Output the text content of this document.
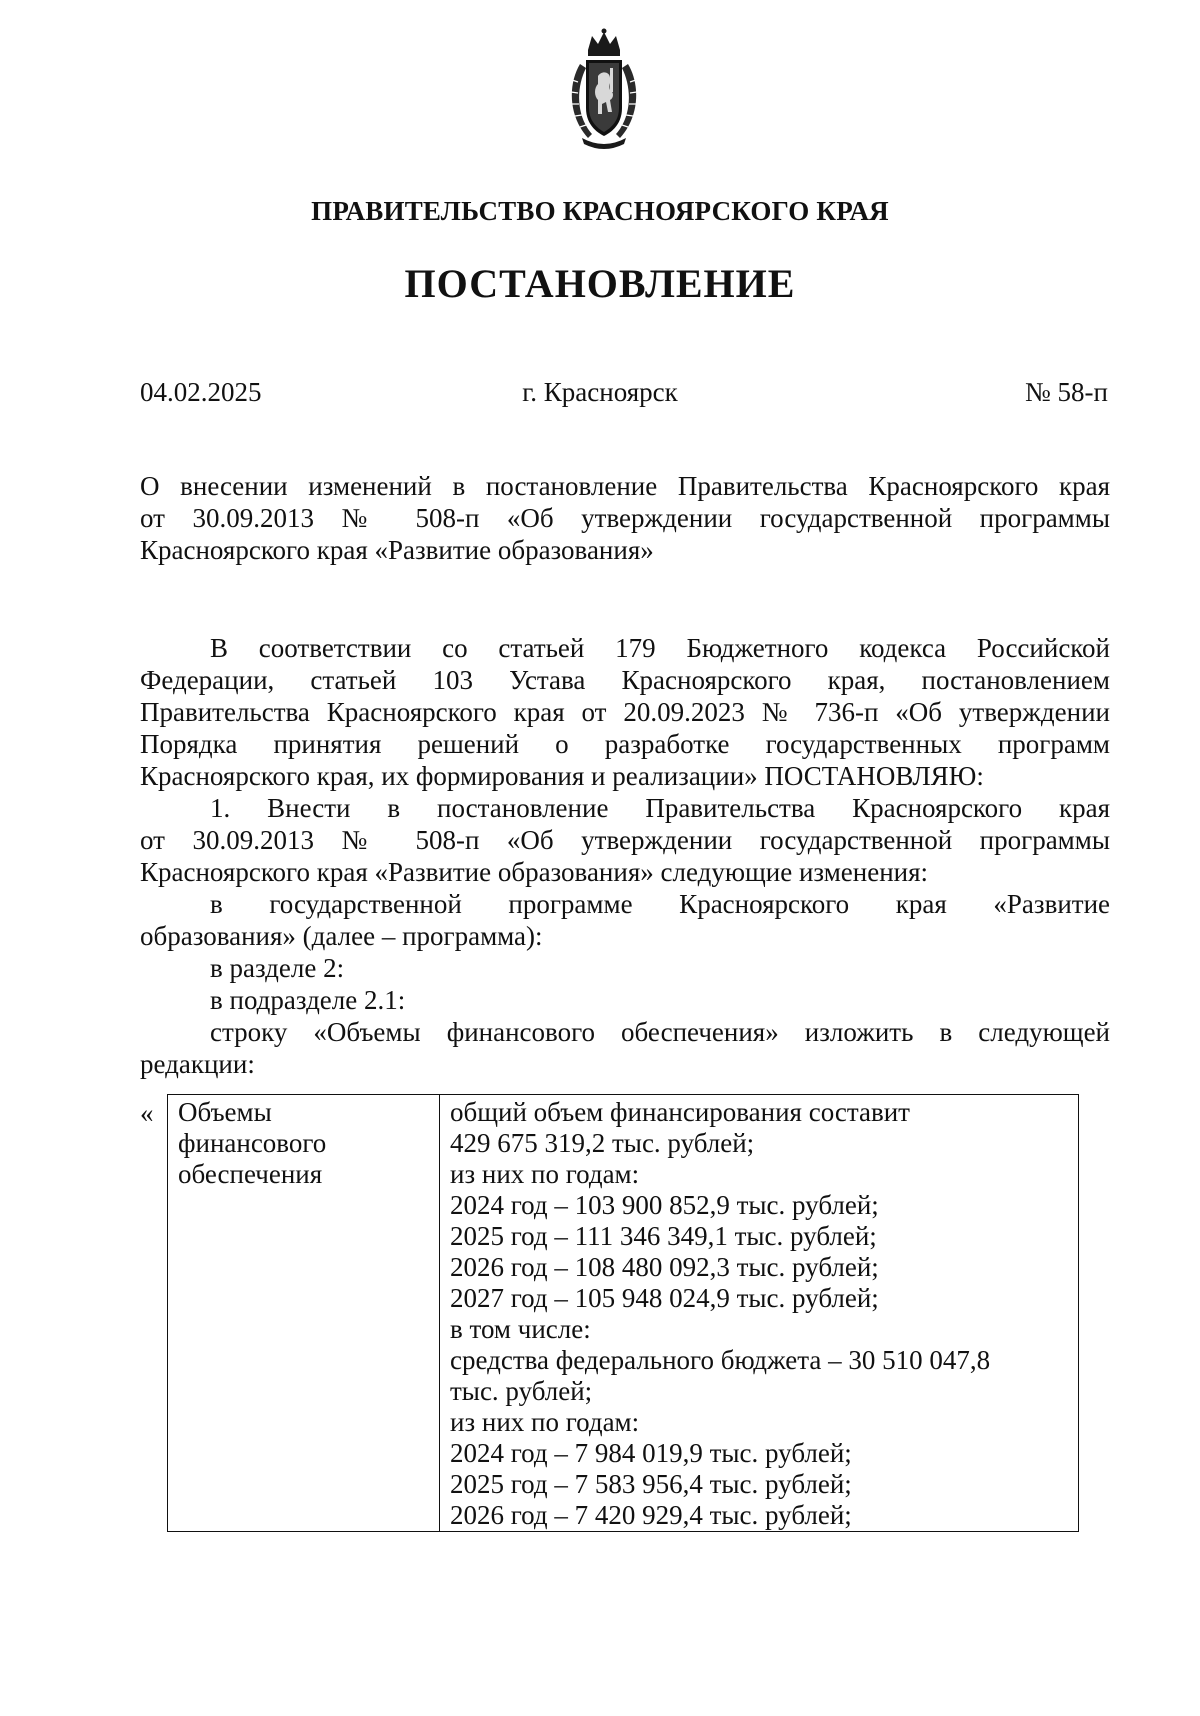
ПРАВИТЕЛЬСТВО КРАСНОЯРСКОГО КРАЯ
ПОСТАНОВЛЕНИЕ
04.02.2025	г. Красноярск	№ 58-п
О внесении изменений в постановление Правительства Красноярского края
от 30.09.2013 № 508-п «Об утверждении государственной программы
Красноярского края «Развитие образования»
В соответствии со статьей 179 Бюджетного кодекса Российской
Федерации, статьей 103 Устава Красноярского края, постановлением
Правительства Красноярского края от 20.09.2023 № 736-п «Об утверждении
Порядка принятия решений о разработке государственных программ
Красноярского края, их формирования и реализации» ПОСТАНОВЛЯЮ:
1. Внести в постановление Правительства Красноярского края
от 30.09.2013 № 508-п «Об утверждении государственной программы
Красноярского края «Развитие образования» следующие изменения:
в государственной программе Красноярского края «Развитие
образования» (далее – программа):
в разделе 2:
в подразделе 2.1:
строку «Объемы финансового обеспечения» изложить в следующей
редакции:
« Объемы
финансового
обеспечения

общий объем финансирования составит
429 675 319,2 тыс. рублей;
из них по годам:
2024 год – 103 900 852,9 тыс. рублей;
2025 год – 111 346 349,1 тыс. рублей;
2026 год – 108 480 092,3 тыс. рублей;
2027 год – 105 948 024,9 тыс. рублей;
в том числе:
средства федерального бюджета – 30 510 047,8
тыс. рублей;
из них по годам:
2024 год – 7 984 019,9 тыс. рублей;
2025 год – 7 583 956,4 тыс. рублей;
2026 год – 7 420 929,4 тыс. рублей;
